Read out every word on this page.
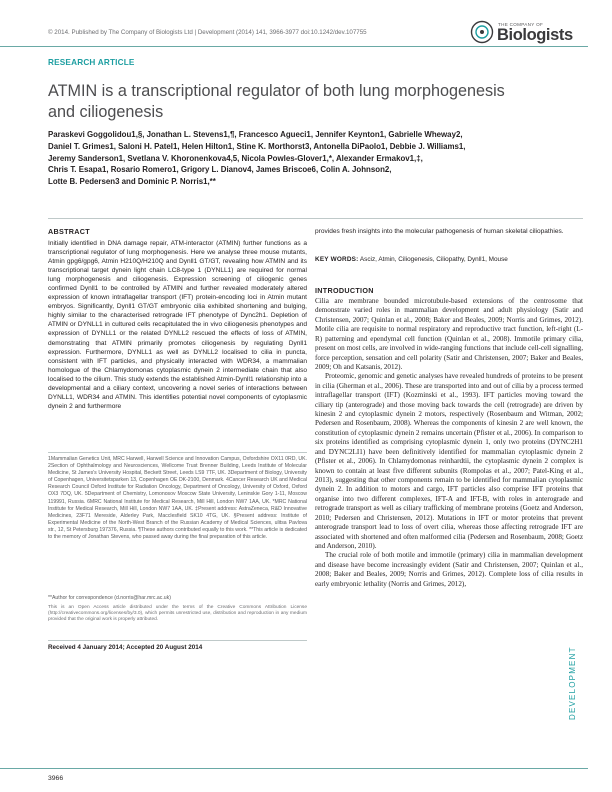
© 2014. Published by The Company of Biologists Ltd | Development (2014) 141, 3966-3977 doi:10.1242/dev.107755
THE COMPANY OF
Biologists
RESEARCH ARTICLE
ATMIN is a transcriptional regulator of both lung morphogenesis and ciliogenesis

Paraskevi Goggolidou1,§, Jonathan L. Stevens1,¶, Francesco Agueci1, Jennifer Keynton1, Gabrielle Wheway2,

Daniel T. Grimes1, Saloni H. Patel1, Helen Hilton1, Stine K. Morthorst3, Antonella DiPaolo1, Debbie J. Williams1,

Jeremy Sanderson1, Svetlana V. Khoronenkova4,5, Nicola Powles-Glover1,*, Alexander Ermakov1,‡,

Chris T. Esapa1, Rosario Romero1, Grigory L. Dianov4, James Briscoe6, Colin A. Johnson2,

Lotte B. Pedersen3 and Dominic P. Norris1,**

ABSTRACT
Initially identified in DNA damage repair, ATM-interactor (ATMIN) further functions as a transcriptional regulator of lung morphogenesis. Here we analyse three mouse mutants, Atmin gpg6/gpg6, Atmin H210Q/H210Q and Dynll1 GT/GT, revealing how ATMIN and its transcriptional target dynein light chain LC8-type 1 (DYNLL1) are required for normal lung morphogenesis and ciliogenesis. Expression screening of ciliogenic genes confirmed Dynll1 to be controlled by ATMIN and further revealed moderately altered expression of known intraflagellar transport (IFT) protein-encoding loci in Atmin mutant embryos. Significantly, Dynll1 GT/GT embryonic cilia exhibited shortening and bulging, highly similar to the characterised retrograde IFT phenotype of Dync2h1. Depletion of ATMIN or DYNLL1 in cultured cells recapitulated the in vivo ciliogenesis phenotypes and expression of DYNLL1 or the related DYNLL2 rescued the effects of loss of ATMIN, demonstrating that ATMIN primarily promotes ciliogenesis by regulating Dynll1 expression. Furthermore, DYNLL1 as well as DYNLL2 localised to cilia in puncta, consistent with IFT particles, and physically interacted with WDR34, a mammalian homologue of the Chlamydomonas cytoplasmic dynein 2 intermediate chain that also localised to the cilium. This study extends the established Atmin-Dynll1 relationship into a developmental and a ciliary context, uncovering a novel series of interactions between DYNLL1, WDR34 and ATMIN. This identifies potential novel components of cytoplasmic dynein 2 and furthermore
provides fresh insights into the molecular pathogenesis of human skeletal ciliopathies.
KEY WORDS: Asciz, Atmin, Ciliogenesis, Ciliopathy, Dynll1, Mouse
INTRODUCTION

Cilia are membrane bounded microtubule-based extensions of the centrosome that demonstrate varied roles in mammalian development and adult physiology (Satir and Christensen, 2007; Quinlan et al., 2008; Baker and Beales, 2009; Norris and Grimes, 2012). Motile cilia are requisite to normal respiratory and reproductive tract function, left-right (L-R) patterning and ependymal cell function (Quinlan et al., 2008). Immotile primary cilia, present on most cells, are involved in wide-ranging functions that include cell-cell signalling, force perception, sensation and cell polarity (Satir and Christensen, 2007; Baker and Beales, 2009; Oh and Katsanis, 2012).

Proteomic, genomic and genetic analyses have revealed hundreds of proteins to be present in cilia (Gherman et al., 2006). These are transported into and out of cilia by a process termed intraflagellar transport (IFT) (Kozminski et al., 1993). IFT particles moving toward the ciliary tip (anterograde) and those moving back towards the cell (retrograde) are driven by kinesin 2 and cytoplasmic dynein 2 motors, respectively (Rosenbaum and Witman, 2002; Pedersen and Rosenbaum, 2008). Whereas the components of kinesin 2 are well known, the constitution of cytoplasmic dynein 2 remains uncertain (Pfister et al., 2006). In comparison to six proteins identified as comprising cytoplasmic dynein 1, only two proteins (DYNC2H1 and DYNC2LI1) have been definitively identified for mammalian cytoplasmic dynein 2 (Pfister et al., 2006). In Chlamydomonas reinhardtii, the cytoplasmic dynein 2 complex is known to contain at least five different subunits (Rompolas et al., 2007; Patel-King et al., 2013), suggesting that other components remain to be identified for mammalian cytoplasmic dynein 2. In addition to motors and cargo, IFT particles also comprise IFT proteins that organise into two different complexes, IFT-A and IFT-B, with roles in anterograde and retrograde transport as well as ciliary trafficking of membrane proteins (Goetz and Anderson, 2010; Pedersen and Christensen, 2012). Mutations in IFT or motor proteins that prevent anterograde transport lead to loss of overt cilia, whereas those affecting retrograde IFT are associated with shortened and often malformed cilia (Pedersen and Rosenbaum, 2008; Goetz and Anderson, 2010).

The crucial role of both motile and immotile (primary) cilia in mammalian development and disease have become increasingly evident (Satir and Christensen, 2007; Quinlan et al., 2008; Baker and Beales, 2009; Norris and Grimes, 2012). Complete loss of cilia results in early embryonic lethality (Norris and Grimes, 2012),

1Mammalian Genetics Unit, MRC Harwell, Harwell Science and Innovation Campus, Oxfordshire OX11 0RD, UK. 2Section of Ophthalmology and Neurosciences, Wellcome Trust Brenner Building, Leeds Institute of Molecular Medicine, St James's University Hospital, Beckett Street, Leeds LS9 7TF, UK. 3Department of Biology, University of Copenhagen, Universitetsparken 13, Copenhagen OE DK-2100, Denmark. 4Cancer Research UK and Medical Research Council Oxford Institute for Radiation Oncology, Department of Oncology, University of Oxford, Oxford OX3 7DQ, UK. 5Department of Chemistry, Lomonosov Moscow State University, Leninskie Gory 1-11, Moscow 119991, Russia. 6MRC National Institute for Medical Research, Mill Hill, London NW7 1AA, UK. *MRC National Institute for Medical Research, Mill Hill, London NW7 1AA, UK. ‡Present address: AstraZeneca, R&D Innovative Medicines, 23F71 Mereside, Alderley Park, Macclesfield SK10 4TG, UK. §Present address: Institute of Experimental Medicine of the North-West Branch of the Russian Academy of Medical Sciences, ulitsa Pavlova str., 12, St Petersburg 197376, Russia. ¶These authors contributed equally to this work. **This article is dedicated to the memory of Jonathan Stevens, who passed away during the final preparation of this article.

**Author for correspondence (d.norris@har.mrc.ac.uk)
This is an Open Access article distributed under the terms of the Creative Commons Attribution License (http://creativecommons.org/licenses/by/3.0), which permits unrestricted use, distribution and reproduction in any medium provided that the original work is properly attributed.
Received 4 January 2014; Accepted 20 August 2014	DEVELOPMENT
3966
